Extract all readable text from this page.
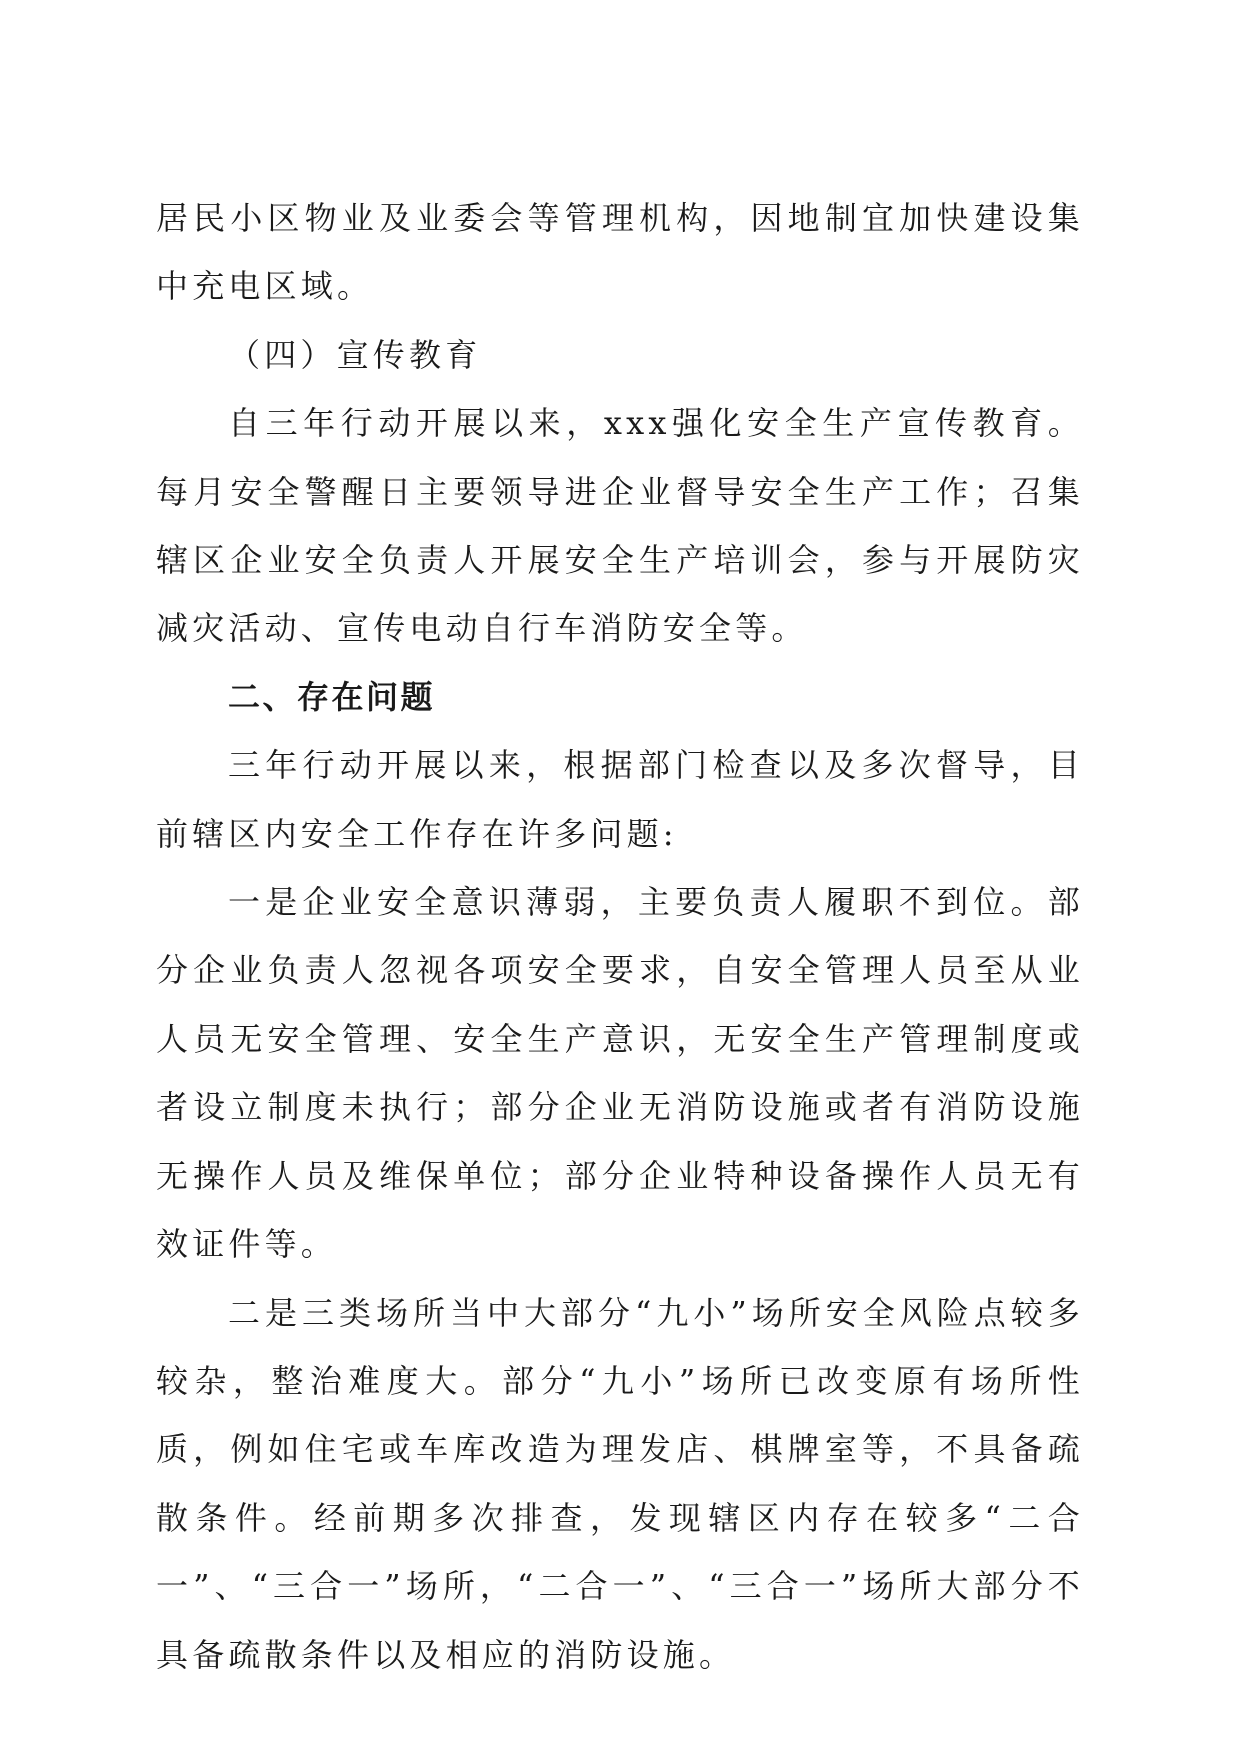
居民小区物业及业委会等管理机构，因地制宜加快建设集中充电区域。

（四）宣传教育

自三年行动开展以来，xxx强化安全生产宣传教育。每月安全警醒日主要领导进企业督导安全生产工作；召集辖区企业安全负责人开展安全生产培训会，参与开展防灾减灾活动、宣传电动自行车消防安全等。

二、存在问题

三年行动开展以来，根据部门检查以及多次督导，目前辖区内安全工作存在许多问题:

一是企业安全意识薄弱，主要负责人履职不到位。部分企业负责人忽视各项安全要求，自安全管理人员至从业人员无安全管理、安全生产意识，无安全生产管理制度或者设立制度未执行；部分企业无消防设施或者有消防设施无操作人员及维保单位；部分企业特种设备操作人员无有效证件等。

二是三类场所当中大部分“九小”场所安全风险点较多较杂，整治难度大。部分“九小”场所已改变原有场所性质，例如住宅或车库改造为理发店、棋牌室等，不具备疏散条件。经前期多次排查，发现辖区内存在较多“二合一”、“三合一”场所，“二合一”、“三合一”场所大部分不具备疏散条件以及相应的消防设施。
